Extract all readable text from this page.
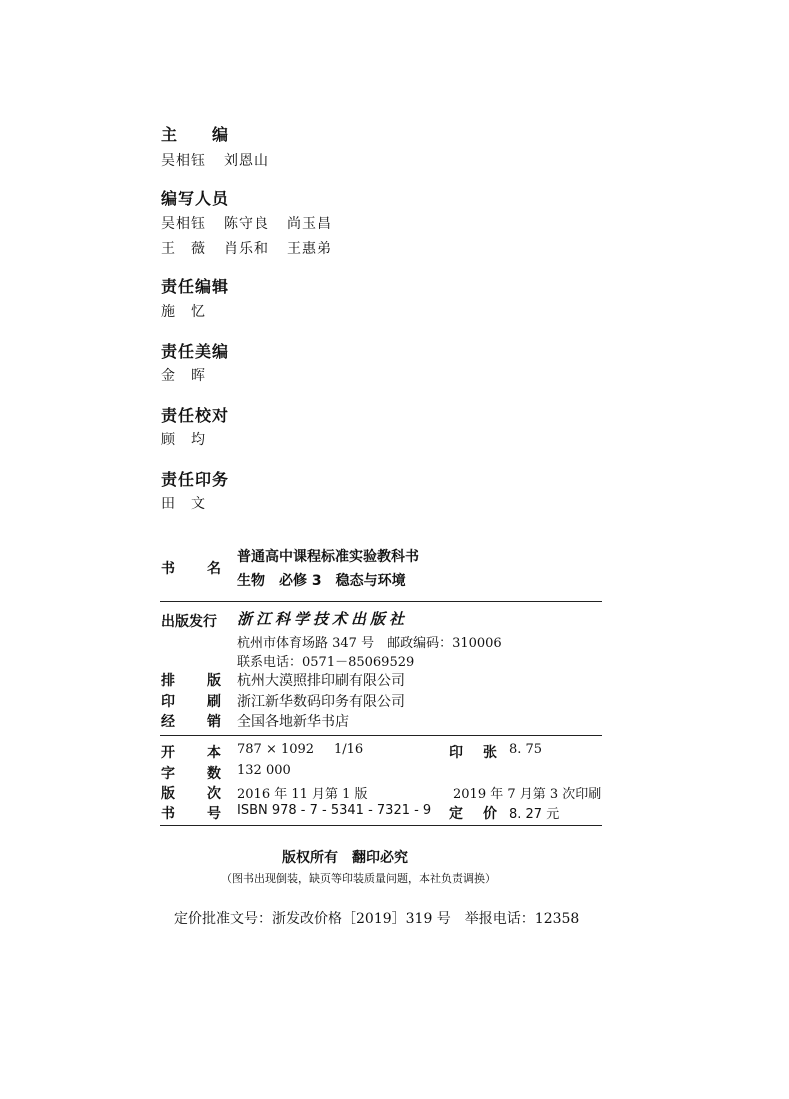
主　　编
吴相钰 刘恩山
编写人员
吴相钰 陈守良 尚玉昌
王　薇 肖乐和 王惠弟
责任编辑
施　忆
责任美编
金　晖
责任校对
顾　均
责任印务
田　文
书 名
普通高中课程标准实验教科书
生物　必修 3　稳态与环境
出版发行 浙江科学技术出版社
杭州市体育场路 347 号　邮政编码：310006
联系电话：0571－85069529
排 版 杭州大漠照排印刷有限公司
印 刷 浙江新华数码印务有限公司
经 销 全国各地新华书店
开 本 787 × 1092 1/16	印 张 8. 75
字 数 132 000
版 次 2016 年 11 月第 1 版	2019 年 7 月第 3 次印刷
书 号 ISBN 978 - 7 - 5341 - 7321 - 9 定 价 8. 27 元
版权所有　翻印必究
（图书出现倒装，缺页等印装质量问题，本社负责调换）
定价批准文号：浙发改价格［2019］319 号　举报电话：12358
